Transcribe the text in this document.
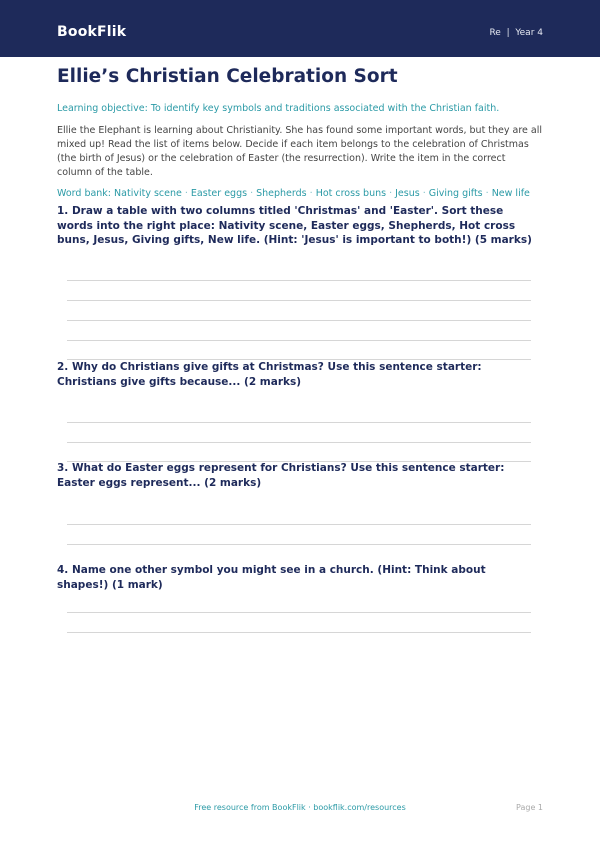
BookFlik	Re | Year 4
Ellie’s Christian Celebration Sort

Learning objective: To identify key symbols and traditions associated with the Christian faith.

Ellie the Elephant is learning about Christianity. She has found some important words, but they are all mixed up! Read the list of items below. Decide if each item belongs to the celebration of Christmas (the birth of Jesus) or the celebration of Easter (the resurrection). Write the item in the correct column of the table.

Word bank: Nativity scene · Easter eggs · Shepherds · Hot cross buns · Jesus · Giving gifts · New life

1. Draw a table with two columns titled 'Christmas' and 'Easter'. Sort these words into the right place: Nativity scene, Easter eggs, Shepherds, Hot cross buns, Jesus, Giving gifts, New life. (Hint: 'Jesus' is important to both!) (5 marks)
2. Why do Christians give gifts at Christmas? Use this sentence starter: Christians give gifts because... (2 marks)
3. What do Easter eggs represent for Christians? Use this sentence starter: Easter eggs represent... (2 marks)
4. Name one other symbol you might see in a church. (Hint: Think about shapes!) (1 mark)
Free resource from BookFlik · bookflik.com/resources	Page 1
